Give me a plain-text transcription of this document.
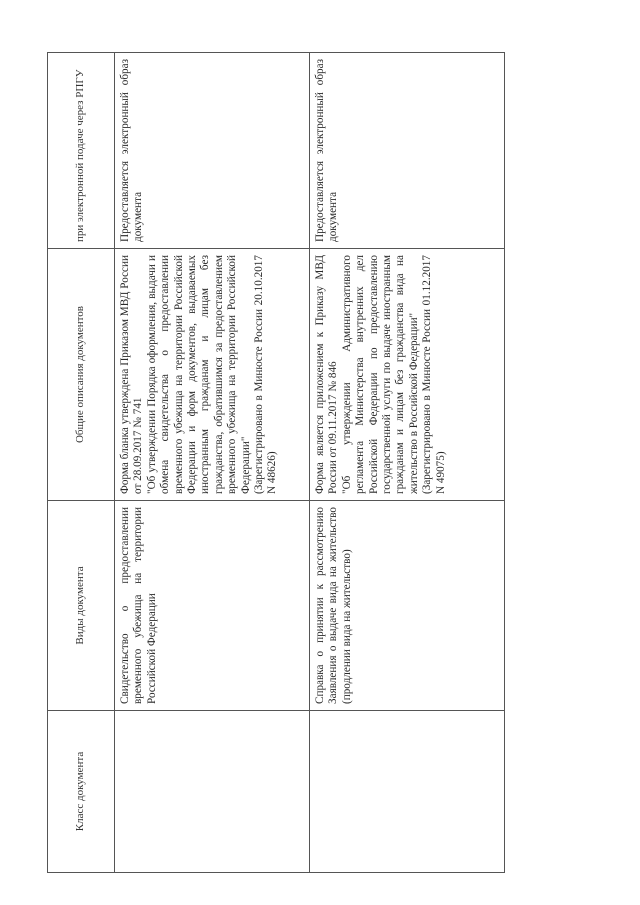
Класс документа	Виды документа	Общие описания документов	при электронной подаче через РПГУ
	Свидетельство о предоставлении временного убежища на территории Российской Федерации	Форма бланка утверждена Приказом МВД России от 28.09.2017 № 741 "Об утверждении Порядка оформления, выдачи и обмена свидетельства о предоставлении временного убежища на территории Российской Федерации и форм документов, выдаваемых иностранным гражданам и лицам без гражданства, обратившимся за предоставлением временного убежища на территории Российской Федерации" (Зарегистрировано в Минюсте России 20.10.2017 N 48626)	Предоставляется электронный образ документа
	Справка о принятии к рассмотрению Заявления о выдаче вида на жительство (продлении вида на жительство)	Форма является приложением к Приказу МВД России от 09.11.2017 № 846 "Об утверждении Административного регламента Министерства внутренних дел Российской Федерации по предоставлению государственной услуги по выдаче иностранным гражданам и лицам без гражданства вида на жительство в Российской Федерации" (Зарегистрировано в Минюсте России 01.12.2017 N 49075)	Предоставляется электронный образ документа
